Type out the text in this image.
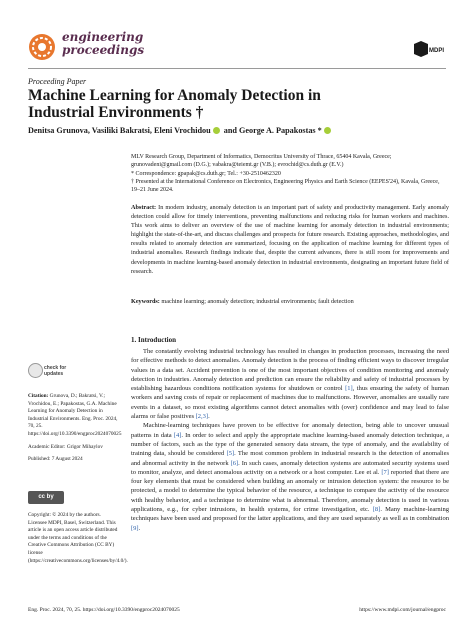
engineering
proceedings	MDPI
Proceeding Paper
Machine Learning for Anomaly Detection in Industrial Environments †
Denitsa Grunova, Vasiliki Bakratsi, Eleni Vrochidou and George A. Papakostas *

MLV Research Group, Department of Informatics, Democritus University of Thrace, 65404 Kavala, Greece; grunovadeni@gmail.com (D.G.); vabakra@teiemt.gr (V.B.); evrochid@cs.duth.gr (E.V.)

* Correspondence: gpapak@cs.duth.gr; Tel.: +30-2510462320

† Presented at the International Conference on Electronics, Engineering Physics and Earth Science (EEPES'24), Kavala, Greece, 19–21 June 2024.

Abstract: In modern industry, anomaly detection is an important part of safety and productivity management. Early anomaly detection could allow for timely interventions, preventing malfunctions and reducing risks for human workers and machines. This work aims to deliver an overview of the use of machine learning for anomaly detection in industrial environments; highlight the state-of-the-art, and discuss challenges and prospects for future research. Existing approaches, methodologies, and results related to anomaly detection are summarized, focusing on the application of machine learning for different types of industrial anomalies. Research findings indicate that, despite the current advances, there is still room for improvements and developments in machine learning-based anomaly detection in industrial environments, designating an important future field of research.
Keywords: machine learning; anomaly detection; industrial environments; fault detection
1. Introduction

The constantly evolving industrial technology has resulted in changes in production processes, increasing the need for effective methods to detect anomalies. Anomaly detection is the process of finding efficient ways to discover irregular values in a data set. Accident prevention is one of the most important objectives of condition monitoring and anomaly detection in industries. Anomaly detection and prediction can ensure the reliability and safety of industrial processes by establishing hazardous conditions notification systems for shutdown or control [1], thus ensuring the safety of human workers and saving costs of repair or replacement of machines due to malfunctions. However, anomalies are usually rare events in a dataset, so most existing algorithms cannot detect anomalies with (over) confidence and may lead to false alarms or false positives [2,3].

Machine-learning techniques have proven to be effective for anomaly detection, being able to uncover unusual patterns in data [4]. In order to select and apply the appropriate machine learning-based anomaly detection technique, a number of factors, such as the type of the generated sensory data stream, the type of anomaly, and the availability of training data, should be considered [5]. The most common problem in industrial research is the detection of anomalies and abnormal activity in the network [6]. In such cases, anomaly detection systems are automated security systems used to monitor, analyze, and detect anomalous activity on a network or a host computer. Lee et al. [7] reported that there are four key elements that must be considered when building an anomaly or intrusion detection system: the resource to be protected, a model to determine the typical behavior of the resource, a technique to compare the activity of the resource with healthy behavior, and a technique to determine what is abnormal. Therefore, anomaly detection is used in various applications, e.g., for cyber intrusions, in health systems, for crime investigation, etc. [8]. Many machine-learning techniques have been used and proposed for the latter applications, and they are used separately as well as in combination [9].

check for
updates

Citation: Grunova, D.; Bakratsi, V.; Vrochidou, E.; Papakostas, G.A. Machine Learning for Anomaly Detection in Industrial Environments. Eng. Proc. 2024, 70, 25. https://doi.org/10.3390/engproc2024070025

Academic Editor: Grigor Mihaylov

Published: 7 August 2024

cc by
Copyright: © 2024 by the authors. Licensee MDPI, Basel, Switzerland. This article is an open access article distributed under the terms and conditions of the Creative Commons Attribution (CC BY) license (https://creativecommons.org/licenses/by/4.0/).
Eng. Proc. 2024, 70, 25. https://doi.org/10.3390/engproc2024070025	https://www.mdpi.com/journal/engproc
